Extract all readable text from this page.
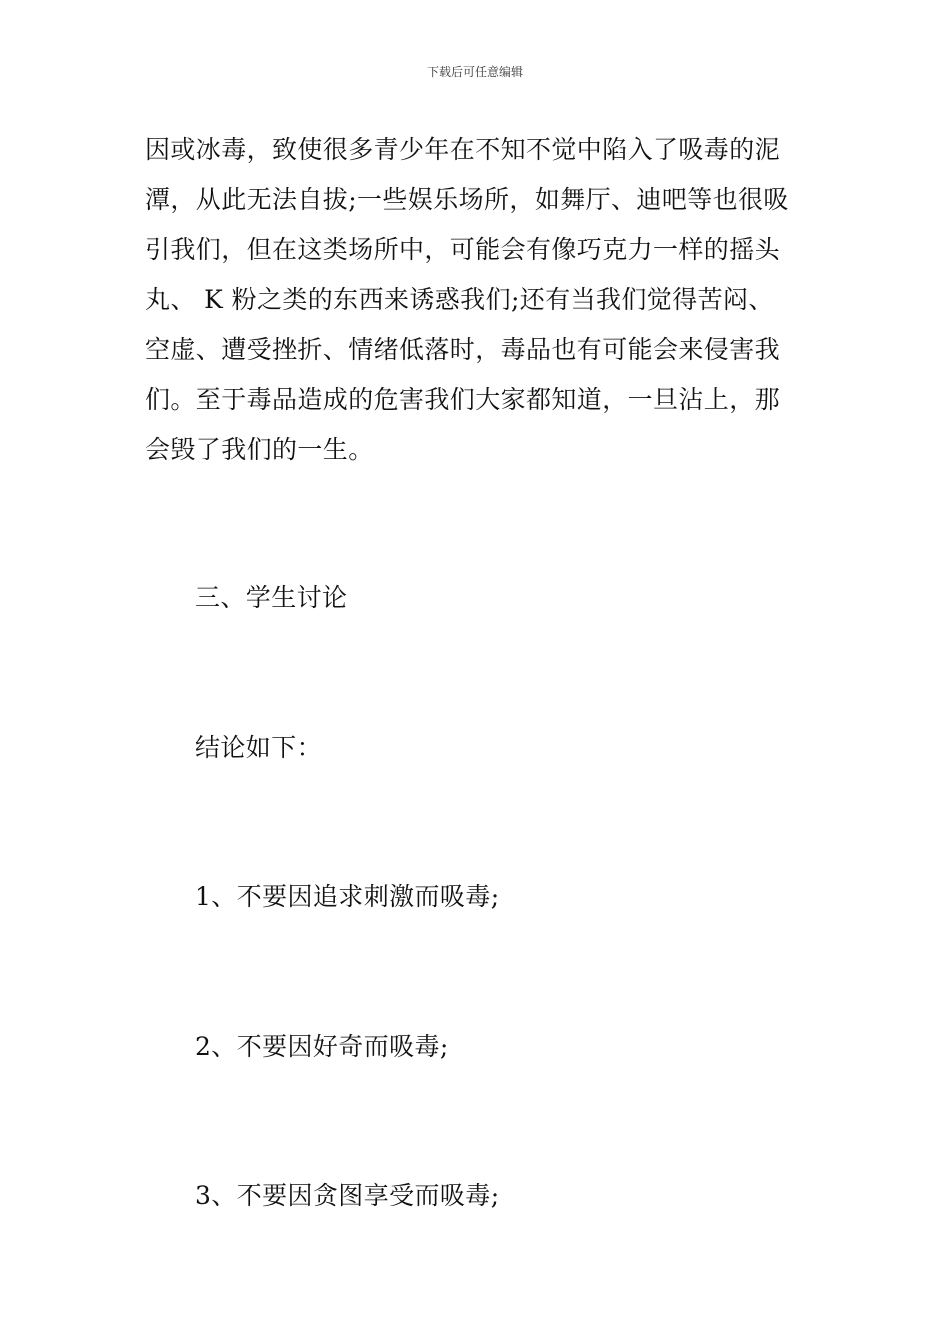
下载后可任意编辑
因或冰毒，致使很多青少年在不知不觉中陷入了吸毒的泥
潭，从此无法自拔;一些娱乐场所，如舞厅、迪吧等也很吸
引我们，但在这类场所中，可能会有像巧克力一样的摇头
丸、 K 粉之类的东西来诱惑我们;还有当我们觉得苦闷、
空虚、遭受挫折、情绪低落时，毒品也有可能会来侵害我
们。至于毒品造成的危害我们大家都知道，一旦沾上，那
会毁了我们的一生。
三、学生讨论
结论如下：
1、不要因追求刺激而吸毒;
2、不要因好奇而吸毒;
3、不要因贪图享受而吸毒;
